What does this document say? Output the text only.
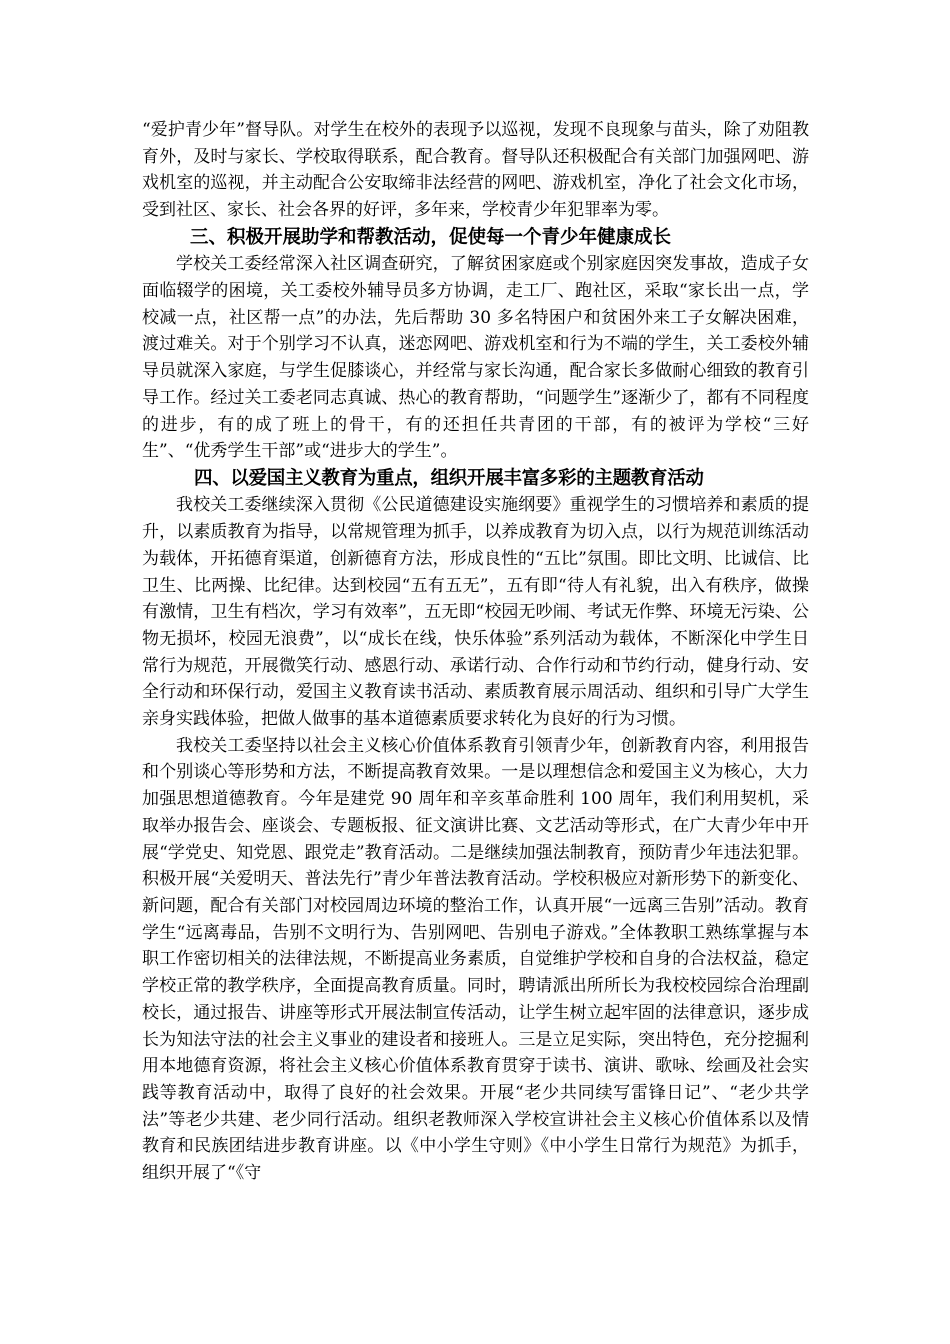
“爱护青少年”督导队。对学生在校外的表现予以巡视，发现不良现象与苗头，除了劝阻教育外，及时与家长、学校取得联系，配合教育。督导队还积极配合有关部门加强网吧、游戏机室的巡视，并主动配合公安取缔非法经营的网吧、游戏机室，净化了社会文化市场，受到社区、家长、社会各界的好评，多年来，学校青少年犯罪率为零。

三、积极开展助学和帮教活动，促使每一个青少年健康成长

学校关工委经常深入社区调查研究，了解贫困家庭或个别家庭因突发事故，造成子女面临辍学的困境，关工委校外辅导员多方协调，走工厂、跑社区，采取“家长出一点，学校减一点，社区帮一点”的办法，先后帮助 30 多名特困户和贫困外来工子女解决困难，渡过难关。对于个别学习不认真，迷恋网吧、游戏机室和行为不端的学生，关工委校外辅导员就深入家庭，与学生促膝谈心，并经常与家长沟通，配合家长多做耐心细致的教育引导工作。经过关工委老同志真诚、热心的教育帮助，“问题学生”逐渐少了，都有不同程度的进步，有的成了班上的骨干，有的还担任共青团的干部，有的被评为学校“三好生”、“优秀学生干部”或“进步大的学生”。

四、以爱国主义教育为重点，组织开展丰富多彩的主题教育活动

我校关工委继续深入贯彻《公民道德建设实施纲要》重视学生的习惯培养和素质的提升，以素质教育为指导，以常规管理为抓手，以养成教育为切入点，以行为规范训练活动为载体，开拓德育渠道，创新德育方法，形成良性的“五比”氛围。即比文明、比诚信、比卫生、比两操、比纪律。达到校园“五有五无”，五有即“待人有礼貌，出入有秩序，做操有激情，卫生有档次，学习有效率”，五无即“校园无吵闹、考试无作弊、环境无污染、公物无损坏，校园无浪费”，以“成长在线，快乐体验”系列活动为载体，不断深化中学生日常行为规范，开展微笑行动、感恩行动、承诺行动、合作行动和节约行动，健身行动、安全行动和环保行动，爱国主义教育读书活动、素质教育展示周活动、组织和引导广大学生亲身实践体验，把做人做事的基本道德素质要求转化为良好的行为习惯。

我校关工委坚持以社会主义核心价值体系教育引领青少年，创新教育内容，利用报告和个别谈心等形势和方法，不断提高教育效果。一是以理想信念和爱国主义为核心，大力加强思想道德教育。今年是建党 90 周年和辛亥革命胜利 100 周年，我们利用契机，采取举办报告会、座谈会、专题板报、征文演讲比赛、文艺活动等形式，在广大青少年中开展“学党史、知党恩、跟党走”教育活动。二是继续加强法制教育，预防青少年违法犯罪。积极开展“关爱明天、普法先行”青少年普法教育活动。学校积极应对新形势下的新变化、新问题，配合有关部门对校园周边环境的整治工作，认真开展“一远离三告别”活动。教育学生“远离毒品，告别不文明行为、告别网吧、告别电子游戏。”全体教职工熟练掌握与本职工作密切相关的法律法规，不断提高业务素质，自觉维护学校和自身的合法权益，稳定学校正常的教学秩序，全面提高教育质量。同时，聘请派出所所长为我校校园综合治理副校长，通过报告、讲座等形式开展法制宣传活动，让学生树立起牢固的法律意识，逐步成长为知法守法的社会主义事业的建设者和接班人。三是立足实际，突出特色，充分挖掘利用本地德育资源，将社会主义核心价值体系教育贯穿于读书、演讲、歌咏、绘画及社会实践等教育活动中，取得了良好的社会效果。开展“老少共同续写雷锋日记”、“老少共学法”等老少共建、老少同行活动。组织老教师深入学校宣讲社会主义核心价值体系以及情教育和民族团结进步教育讲座。以《中小学生守则》《中小学生日常行为规范》为抓手，组织开展了“《守
